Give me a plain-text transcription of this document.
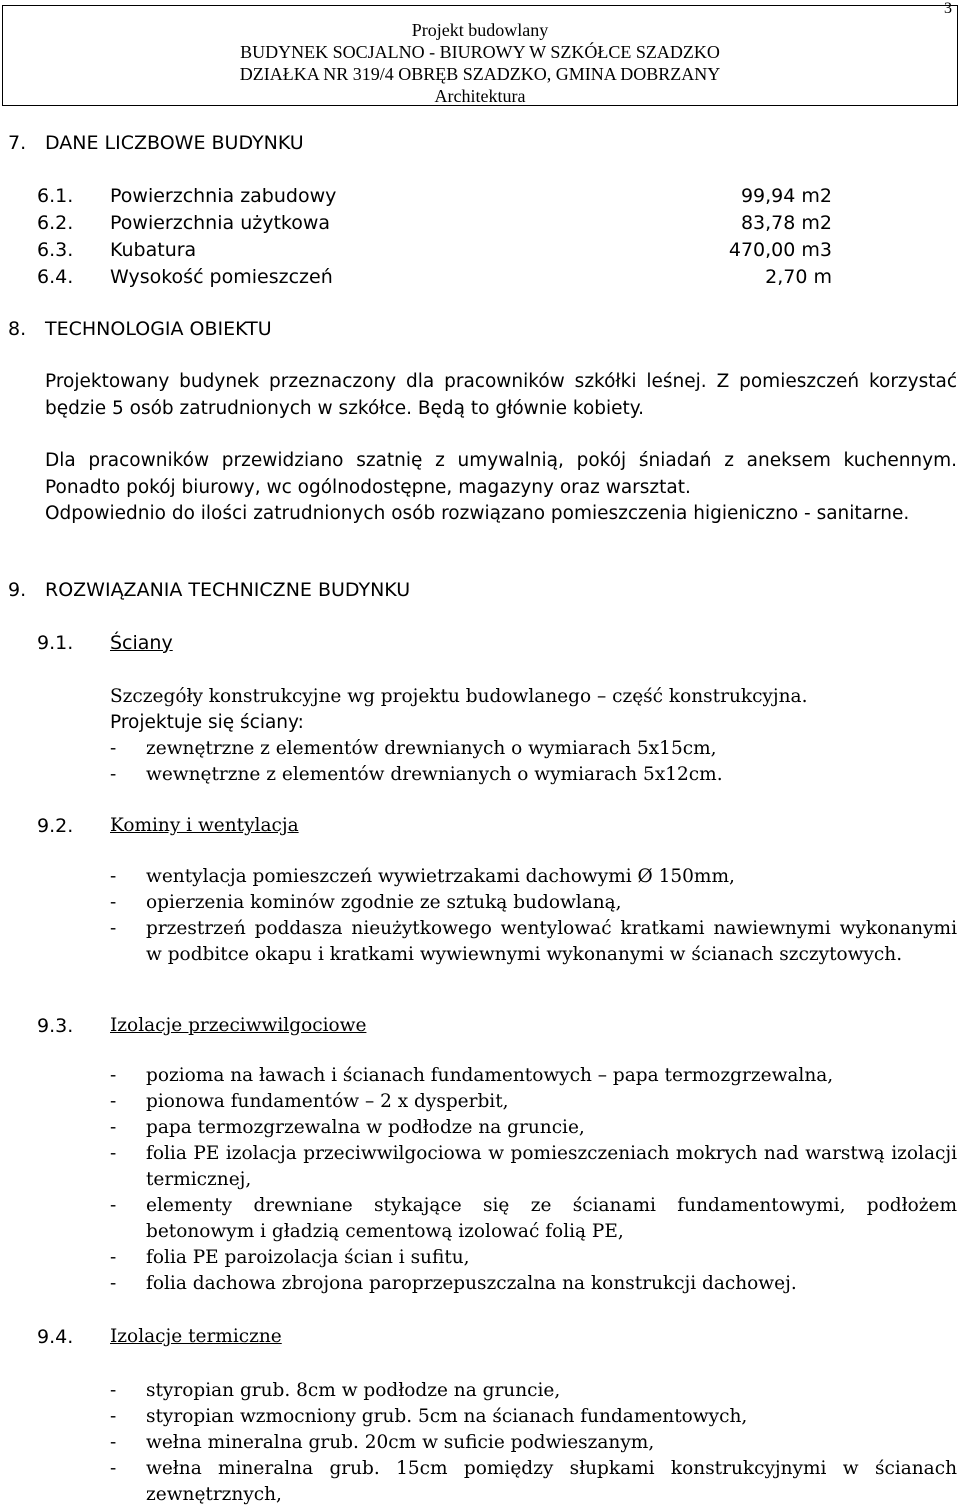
3
Projekt budowlany
BUDYNEK SOCJALNO - BIUROWY W SZKÓŁCE SZADZKO
DZIAŁKA NR 319/4 OBRĘB SZADZKO, GMINA DOBRZANY
Architektura
7. DANE LICZBOWE BUDYNKU
6.1. Powierzchnia zabudowy	99,94 m2
6.2. Powierzchnia użytkowa	83,78 m2
6.3. Kubatura	470,00 m3
6.4. Wysokość pomieszczeń	2,70 m
8. TECHNOLOGIA OBIEKTU
Projektowany budynek przeznaczony dla pracowników szkółki leśnej. Z pomieszczeń korzystać będzie 5 osób zatrudnionych w szkółce. Będą to głównie kobiety.
Dla pracowników przewidziano szatnię z umywalnią, pokój śniadań z aneksem kuchennym. Ponadto pokój biurowy, wc ogólnodostępne, magazyny oraz warsztat.
Odpowiednio do ilości zatrudnionych osób rozwiązano pomieszczenia higieniczno - sanitarne.
9. ROZWIĄZANIA TECHNICZNE BUDYNKU
9.1. Ściany
Szczegóły konstrukcyjne wg projektu budowlanego – część konstrukcyjna.
Projektuje się ściany:
- zewnętrzne z elementów drewnianych o wymiarach 5x15cm,
- wewnętrzne z elementów drewnianych o wymiarach 5x12cm.
9.2. Kominy i wentylacja
- wentylacja pomieszczeń wywietrzakami dachowymi Ø 150mm,
- opierzenia kominów zgodnie ze sztuką budowlaną,
- przestrzeń poddasza nieużytkowego wentylować kratkami nawiewnymi wykonanymi w podbitce okapu i kratkami wywiewnymi wykonanymi w ścianach szczytowych.
9.3. Izolacje przeciwwilgociowe
- pozioma na ławach i ścianach fundamentowych – papa termozgrzewalna,
- pionowa fundamentów – 2 x dysperbit,
- papa termozgrzewalna w podłodze na gruncie,
- folia PE izolacja przeciwwilgociowa w pomieszczeniach mokrych nad warstwą izolacji termicznej,
- elementy drewniane stykające się ze ścianami fundamentowymi, podłożem betonowym i gładzią cementową izolować folią PE,
- folia PE paroizolacja ścian i sufitu,
- folia dachowa zbrojona paroprzepuszczalna na konstrukcji dachowej.
9.4. Izolacje termiczne
- styropian grub. 8cm w podłodze na gruncie,
- styropian wzmocniony grub. 5cm na ścianach fundamentowych,
- wełna mineralna grub. 20cm w suficie podwieszanym,
- wełna mineralna grub. 15cm pomiędzy słupkami konstrukcyjnymi w ścianach zewnętrznych,
